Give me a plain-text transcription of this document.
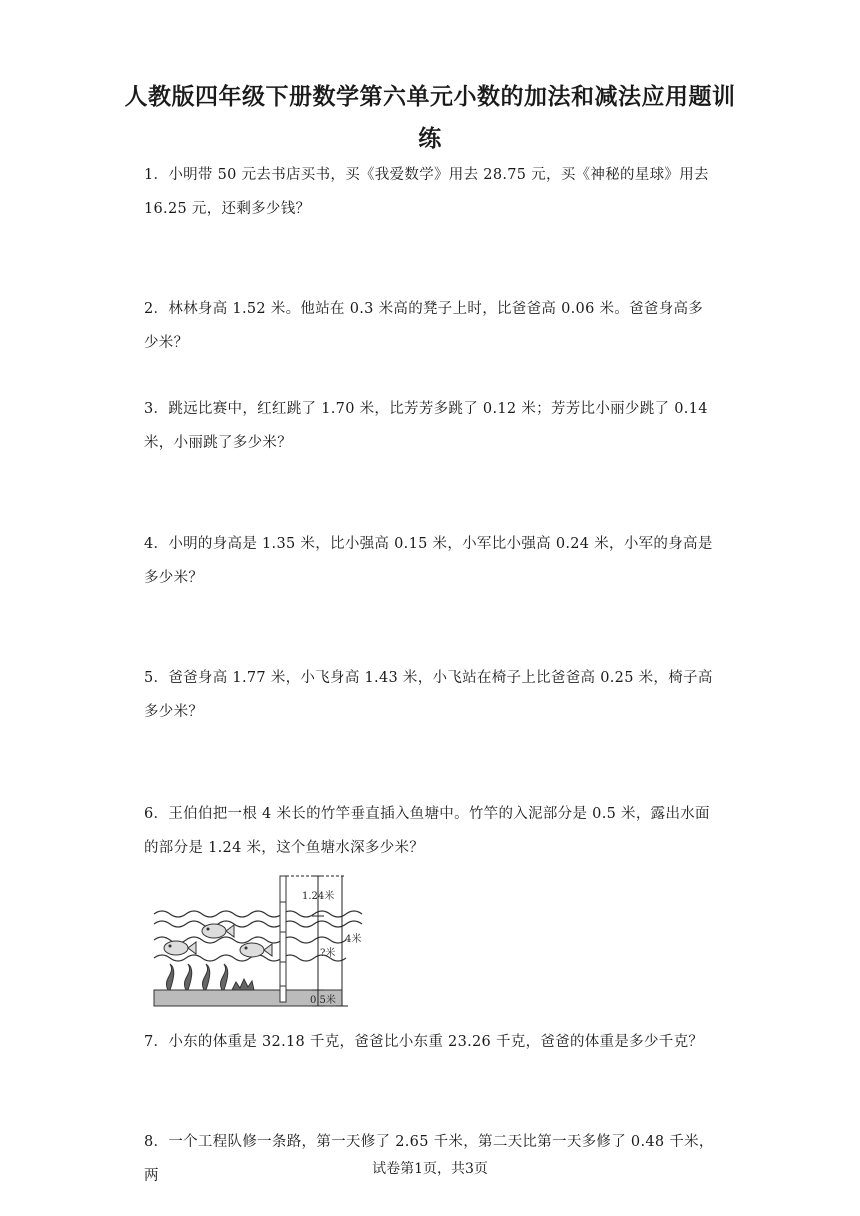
人教版四年级下册数学第六单元小数的加法和减法应用题训
练
1．小明带 50 元去书店买书，买《我爱数学》用去 28.75 元，买《神秘的星球》用去 16.25 元，还剩多少钱？
2．林林身高 1.52 米。他站在 0.3 米高的凳子上时，比爸爸高 0.06 米。爸爸身高多少米？
3．跳远比赛中，红红跳了 1.70 米，比芳芳多跳了 0.12 米；芳芳比小丽少跳了 0.14 米，小丽跳了多少米？
4．小明的身高是 1.35 米，比小强高 0.15 米，小军比小强高 0.24 米，小军的身高是多少米？
5．爸爸身高 1.77 米，小飞身高 1.43 米，小飞站在椅子上比爸爸高 0.25 米，椅子高多少米？
6．王伯伯把一根 4 米长的竹竿垂直插入鱼塘中。竹竿的入泥部分是 0.5 米，露出水面的部分是 1.24 米，这个鱼塘水深多少米？
1.24米
?米
0.5米
4米
7．小东的体重是 32.18 千克，爸爸比小东重 23.26 千克，爸爸的体重是多少千克？
8．一个工程队修一条路，第一天修了 2.65 千米，第二天比第一天多修了 0.48 千米，两	试卷第1页，共3页
